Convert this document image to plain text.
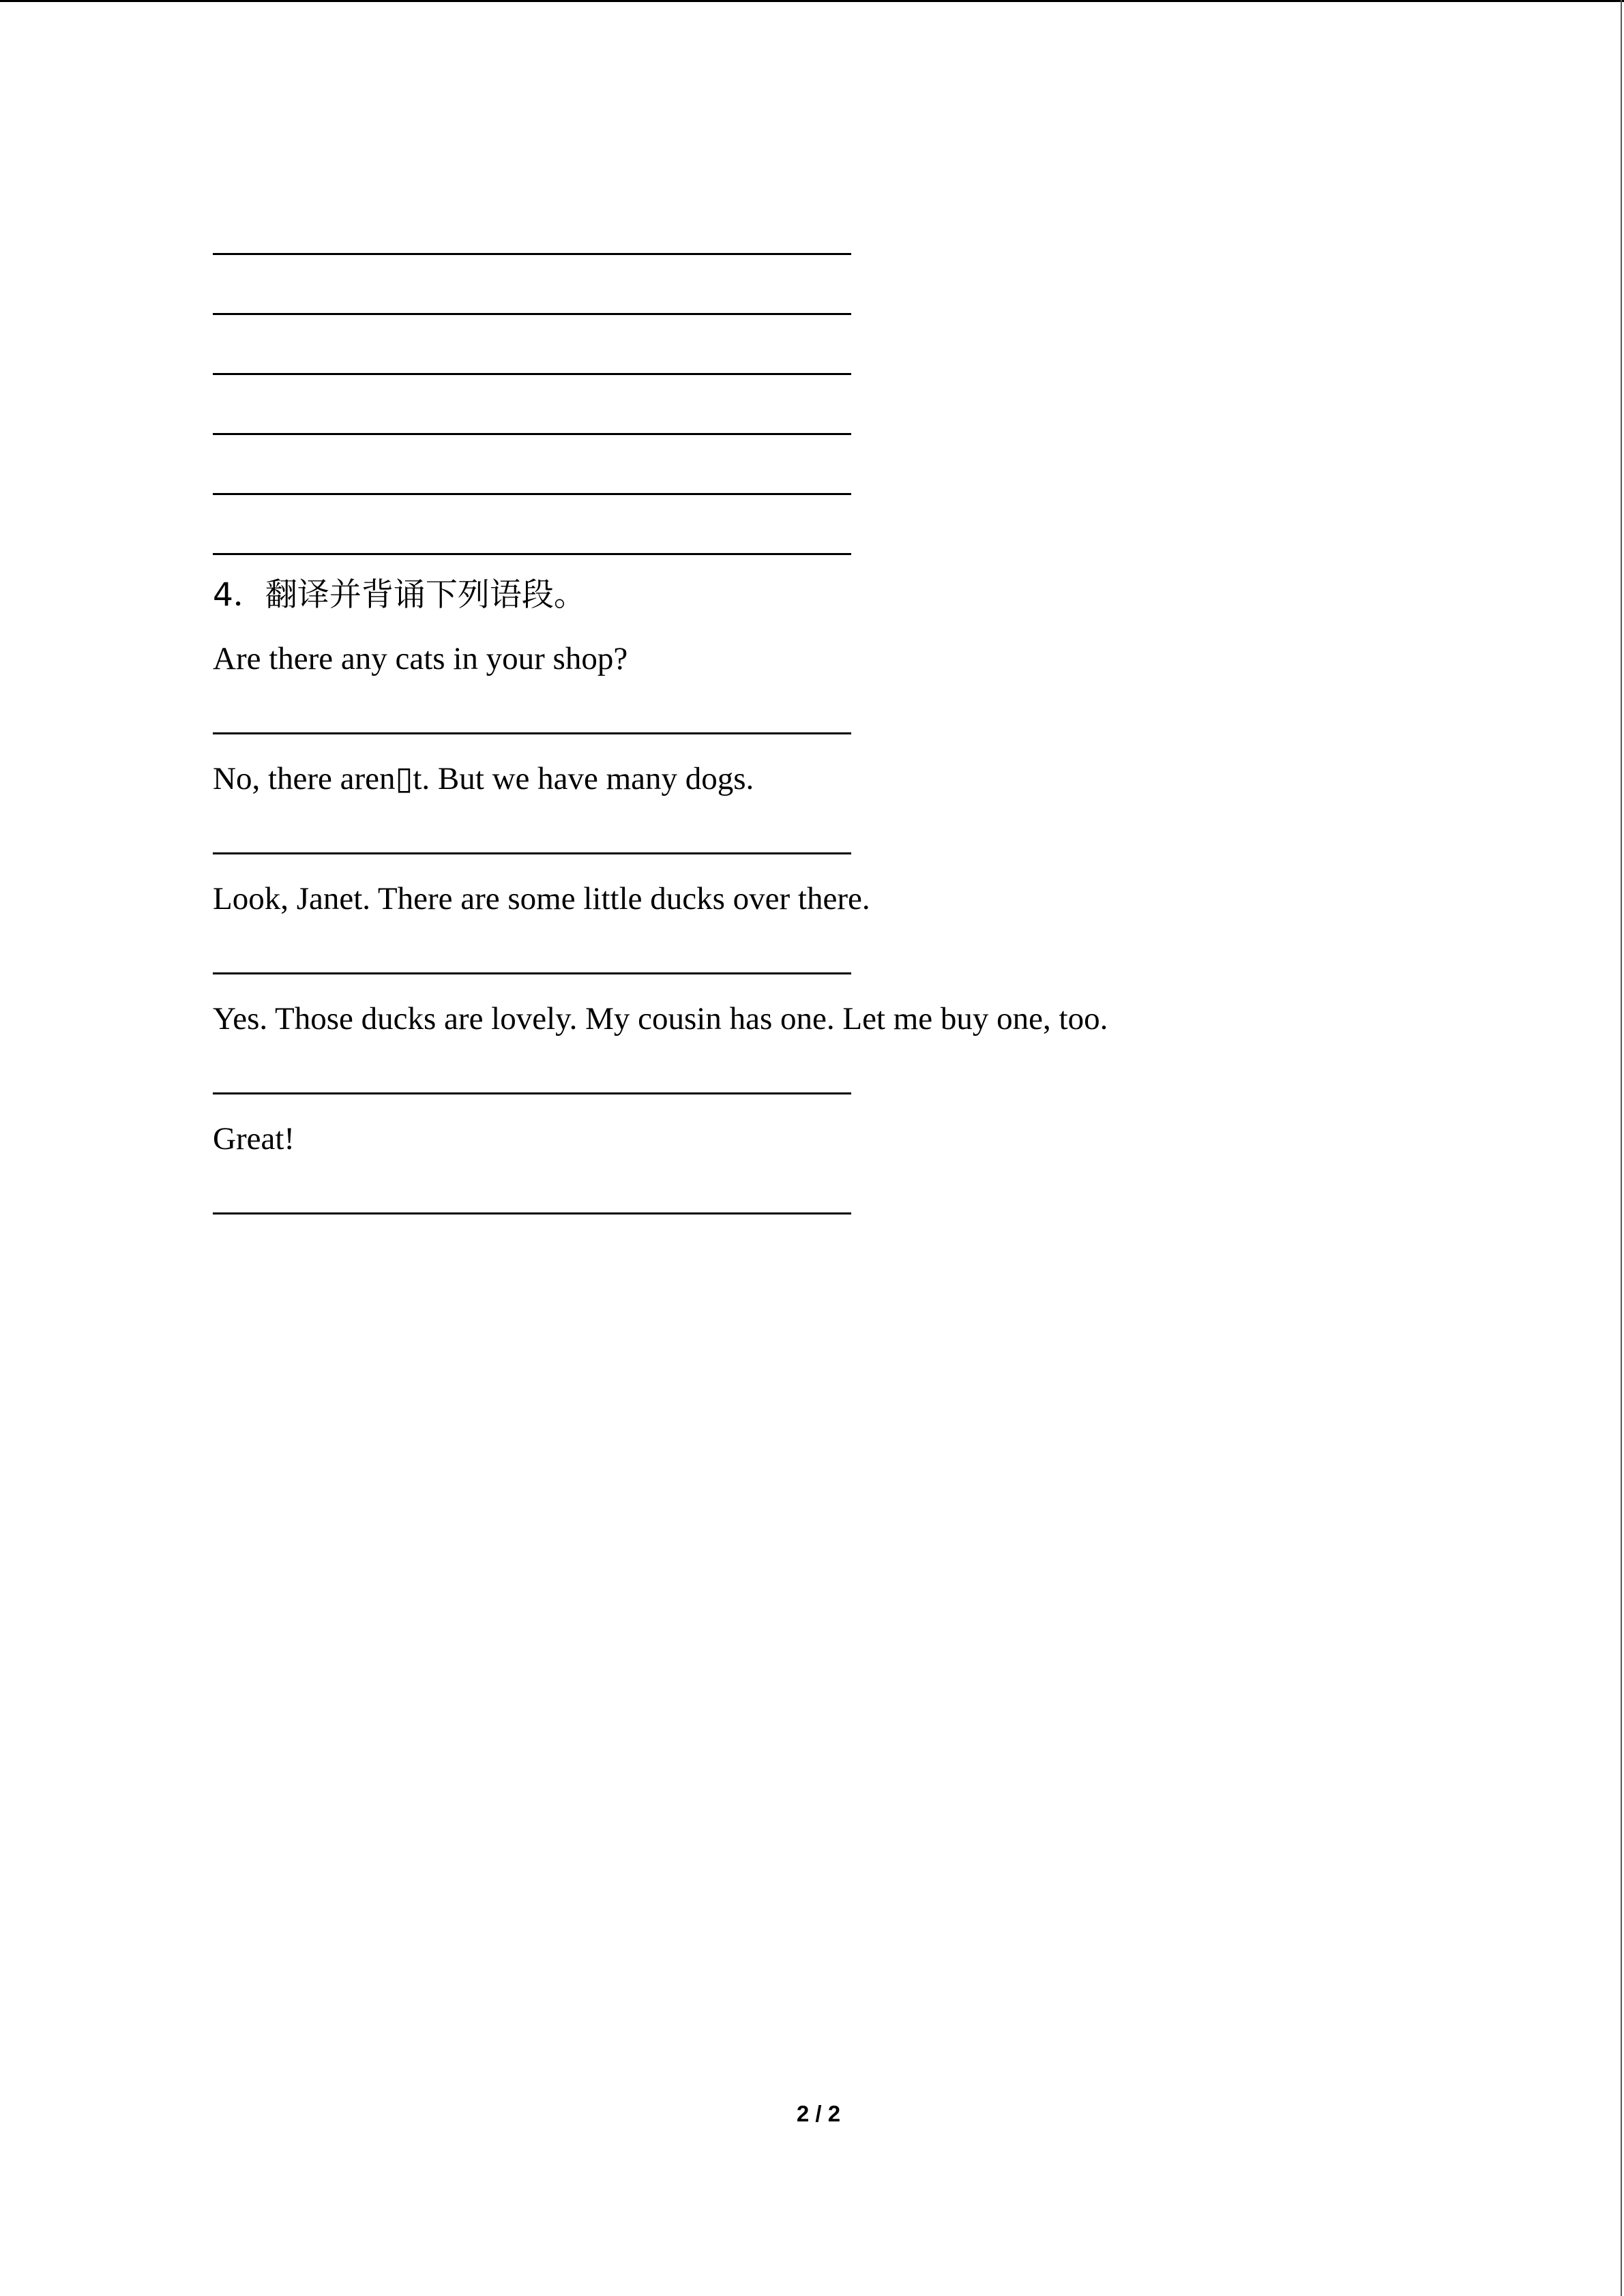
4．翻译并背诵下列语段。
Are there any cats in your shop?
No, there aren▯t. But we have many dogs.
Look, Janet. There are some little ducks over there.
Yes. Those ducks are lovely. My cousin has one. Let me buy one, too.
Great!
2 / 2
